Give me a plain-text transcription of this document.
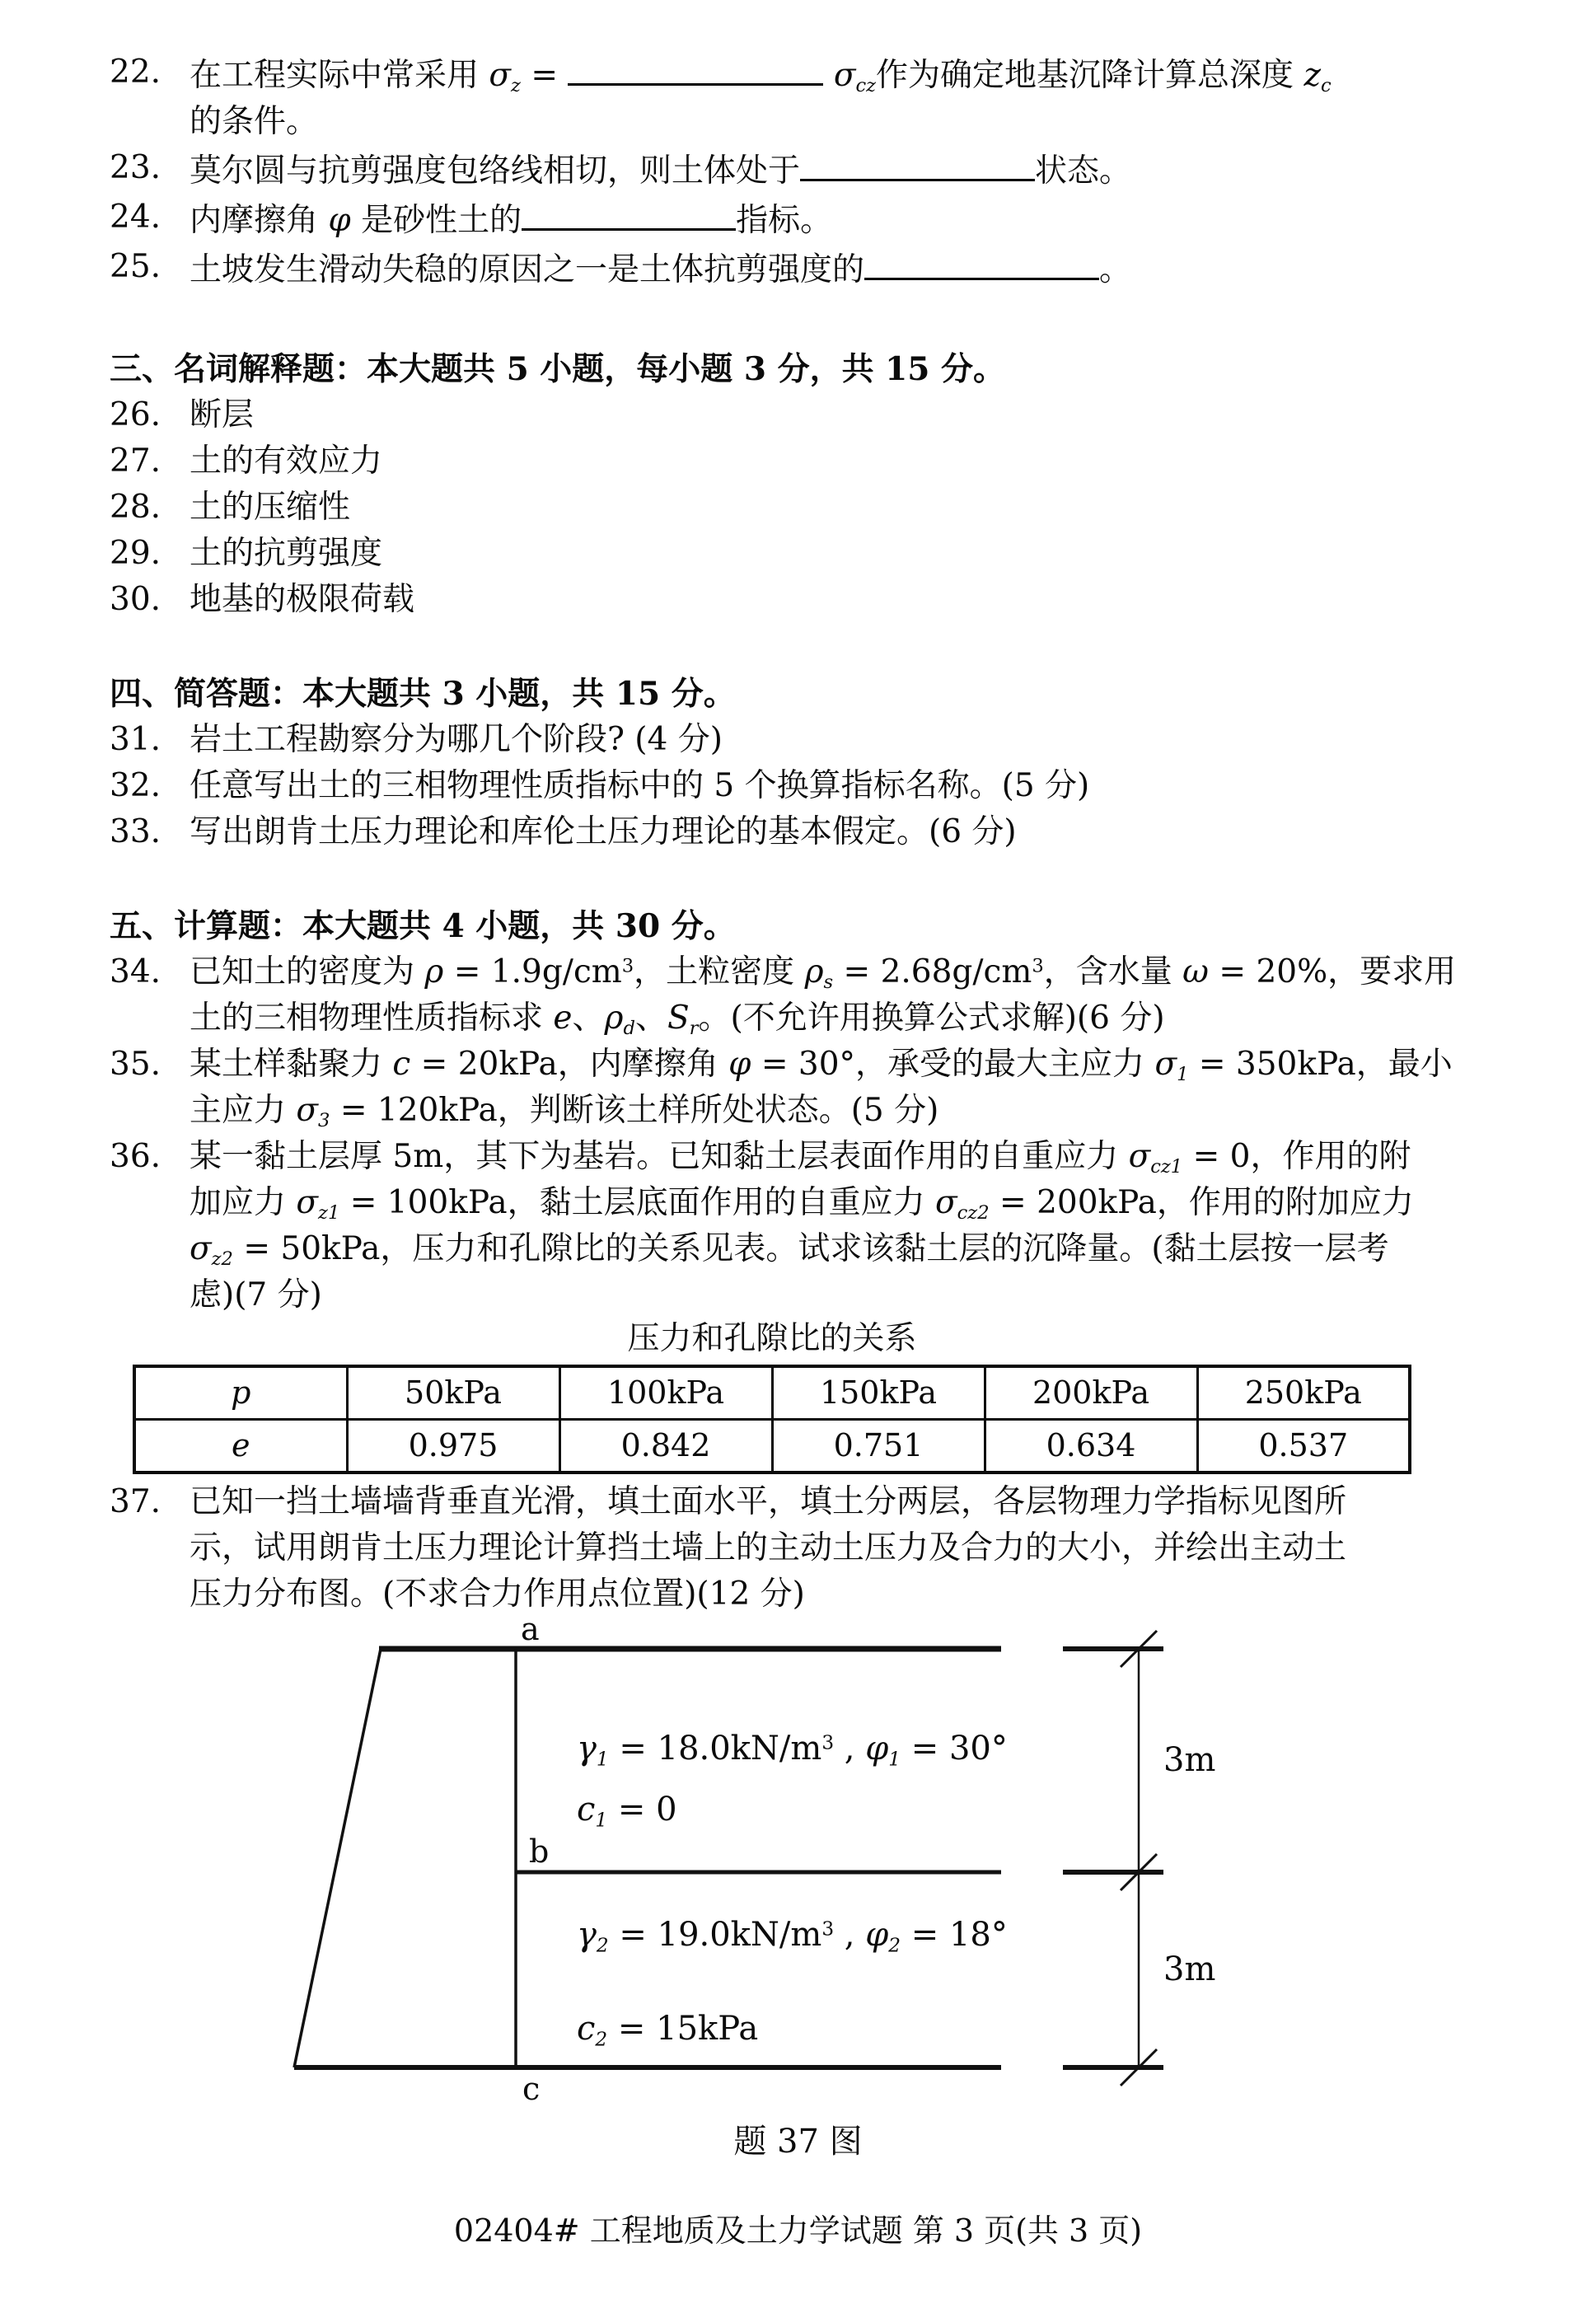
22. 在工程实际中常采用 $\sigma_z$ =	$\sigma_{cz}$作为确定地基沉降计算总深度 $z_c$
的条件。
23. 莫尔圆与抗剪强度包络线相切，则土体处于	状态。
24. 内摩擦角 φ 是砂性土的	指标。
25. 土坡发生滑动失稳的原因之一是土体抗剪强度的	。
三、名词解释题：本大题共 5 小题，每小题 3 分，共 15 分。
26. 断层
27. 土的有效应力
28. 土的压缩性
29. 土的抗剪强度
30. 地基的极限荷载
四、简答题：本大题共 3 小题，共 15 分。
31. 岩土工程勘察分为哪几个阶段? (4 分)
32. 任意写出土的三相物理性质指标中的 5 个换算指标名称。(5 分)
33. 写出朗肯土压力理论和库伦土压力理论的基本假定。(6 分)
五、计算题：本大题共 4 小题，共 30 分。
34. 已知土的密度为 $\rho = 1.9g/cm^3$，土粒密度 $\rho_s = 2.68g/cm^3$，含水量 ω = 20%，要求用
土的三相物理性质指标求 e、$\rho_d$、$S_r$。(不允许用换算公式求解)(6 分)
35. 某土样黏聚力 c = 20kPa，内摩擦角 φ = 30°，承受的最大主应力 $\sigma_1 = 350kPa$，最小
主应力 $\sigma_3 = 120kPa$，判断该土样所处状态。(5 分)
36. 某一黏土层厚 5m，其下为基岩。已知黏土层表面作用的自重应力 $\sigma_{cz1} = 0$，作用的附
加应力 $\sigma_{z1} = 100kPa$，黏土层底面作用的自重应力 $\sigma_{cz2} = 200kPa$，作用的附加应力
$\sigma_{z2} = 50kPa$，压力和孔隙比的关系见表。试求该黏土层的沉降量。(黏土层按一层考
虑)(7 分)
压力和孔隙比的关系
p	50kPa	100kPa	150kPa	200kPa	250kPa
e	0.975	0.842	0.751	0.634	0.537
37. 已知一挡土墙墙背垂直光滑，填土面水平，填土分两层，各层物理力学指标见图所
示，试用朗肯土压力理论计算挡土墙上的主动土压力及合力的大小，并绘出主动土
压力分布图。(不求合力作用点位置)(12 分)
a
b
c
$\gamma_1 = 18.0kN/m^3$ , $\varphi_1 = 30^\circ$
$c_1 = 0$
$\gamma_2 = 19.0kN/m^3$ , $\varphi_2 = 18^\circ$
$c_2 = 15kPa$
3m
3m
题 37 图
02404# 工程地质及土力学试题 第 3 页(共 3 页)
